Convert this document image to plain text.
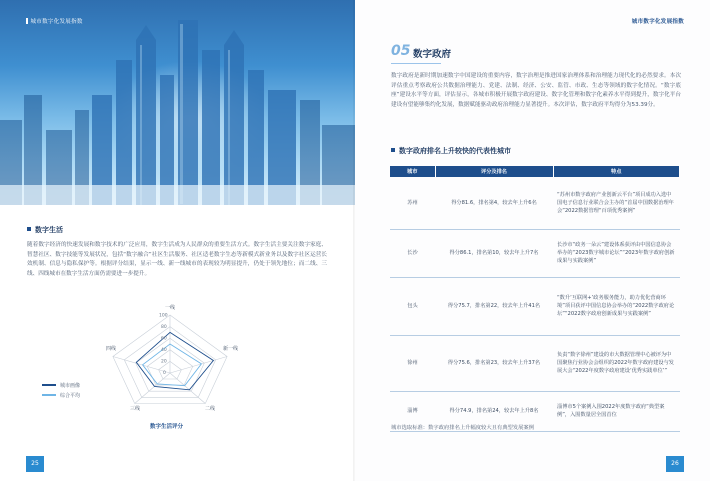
城市数字化发展指数
数字生活
随着数字经济的快速发展和数字技术的广泛应用，数字生活成为人民群众的重要生活方式。数字生活主要关注数字家庭、智慧社区、数字技能等发展状况，包括“数字融合”社区生活服务、社区适老数字生态等新模式新业务以及数字社区运营长效机制、信息与隐私保护等。根据评分结果，显示一线、新一线城市的表现较为明显提升，仍处于领先地位；而二线、三线、四线城市在数字生活方面仍需要进一步提升。
0
20
40
60
80
100
一线
新一线
二线
三线
四线
城市画像
综合平均
数字生活评分
25
城市数字化发展指数
05 数字政府
数字政府是新时期加速数字中国建设的重要内容，数字治理是推进国家治理体系和治理能力现代化的必然要求。本次评估重点考察政府公共数据治理能力、党建、法制、经济、公安、监管、市政、生态等领域的数字化情况。“数字底座”建设水平等方面，评估显示，各城市积极开展数字政府建设、数字化管理和数字化素养水平得到提升，数字化平台建设有望能够集约化发展，数据赋能驱动政府治理能力显著提升。本次评估，数字政府平均得分为53.39分。
数字政府排名上升较快的代表性城市
城市	评分及排名	特点
苏州	得分81.6，排名第4，较去年上升6名	“苏州市数字政府产业创新云平台”项目成功入选中国电子信息行业联合会主办的“首届中国数据治理年会”2022数据管理“百项优秀案例”
长沙	得分86.1，排名第10，较去年上升7名	长沙市“政务一朵云”建设体系获评由中国信息协会举办的“2023数字城市论坛”“2023年数字政府创新成果与实践案例”
包头	得分75.7，排名第22，较去年上升41名	“数升‘互联网+’政务服务能力，助力优化营商环境”项目获评中国信息协会举办的“2022数字政府论坛”“2022数字政府创新成果与实践案例”
徐州	得分75.6，排名第23，较去年上升37名	负责“数字徐州”建设的市大数据管理中心被评为中国聚焦行业协会会组织的2022年数字政府建设与发展大会“2022年度数字政府建设‘优秀实践单位’”
淄博	得分74.9，排名第24，较去年上升8名	淄博市5个案例入围2022年度数字政府“典型案例”，入围数量居全国首位
城市选取标准：数字政府排名上升幅度较大且有典型发展案例
26
